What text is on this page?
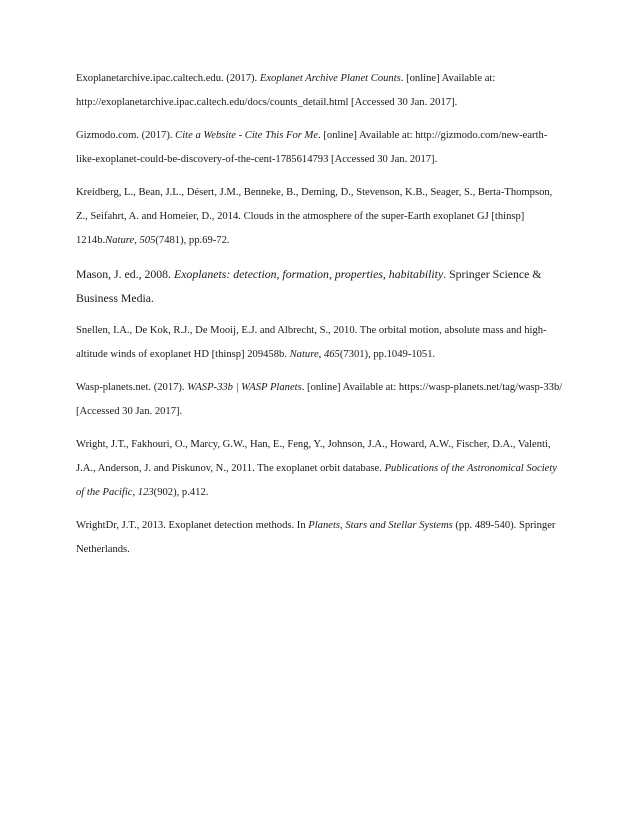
Exoplanetarchive.ipac.caltech.edu. (2017). Exoplanet Archive Planet Counts. [online] Available at: http://exoplanetarchive.ipac.caltech.edu/docs/counts_detail.html [Accessed 30 Jan. 2017].

Gizmodo.com. (2017). Cite a Website - Cite This For Me. [online] Available at: http://gizmodo.com/new-earth-like-exoplanet-could-be-discovery-of-the-cent-1785614793 [Accessed 30 Jan. 2017].

Kreidberg, L., Bean, J.L., Désert, J.M., Benneke, B., Deming, D., Stevenson, K.B., Seager, S., Berta-Thompson, Z., Seifahrt, A. and Homeier, D., 2014. Clouds in the atmosphere of the super-Earth exoplanet GJ [thinsp] 1214b.Nature, 505(7481), pp.69-72.

Mason, J. ed., 2008. Exoplanets: detection, formation, properties, habitability. Springer Science & Business Media.

Snellen, I.A., De Kok, R.J., De Mooij, E.J. and Albrecht, S., 2010. The orbital motion, absolute mass and high-altitude winds of exoplanet HD [thinsp] 209458b. Nature, 465(7301), pp.1049-1051.

Wasp-planets.net. (2017). WASP-33b | WASP Planets. [online] Available at: https://wasp-planets.net/tag/wasp-33b/ [Accessed 30 Jan. 2017].

Wright, J.T., Fakhouri, O., Marcy, G.W., Han, E., Feng, Y., Johnson, J.A., Howard, A.W., Fischer, D.A., Valenti, J.A., Anderson, J. and Piskunov, N., 2011. The exoplanet orbit database. Publications of the Astronomical Society of the Pacific, 123(902), p.412.

WrightDr, J.T., 2013. Exoplanet detection methods. In Planets, Stars and Stellar Systems (pp. 489-540). Springer Netherlands.
